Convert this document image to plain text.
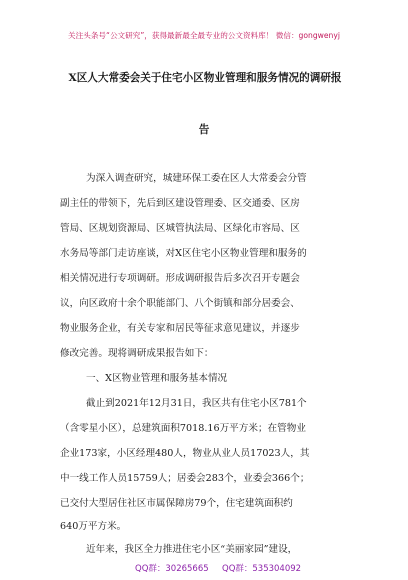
关注头条号“公文研究”，获得最新最全最专业的公文资料库！ 微信：gongwenyj
X区人大常委会关于住宅小区物业管理和服务情况的调研报
告
为深入调查研究，城建环保工委在区人大常委会分管
副主任的带领下，先后到区建设管理委、区交通委、区房
管局、区规划资源局、区城管执法局、区绿化市容局、区
水务局等部门走访座谈，对X区住宅小区物业管理和服务的
相关情况进行专项调研。形成调研报告后多次召开专题会
议，向区政府十余个职能部门、八个街镇和部分居委会、
物业服务企业，有关专家和居民等征求意见建议，并逐步
修改完善。现将调研成果报告如下：
一、X区物业管理和服务基本情况
截止到2021年12月31日，我区共有住宅小区781个
（含零星小区），总建筑面积7018.16万平方米；在管物业
企业173家，小区经理480人，物业从业人员17023人，其
中一线工作人员15759人；居委会283个，业委会366个；
已交付大型居住社区市属保障房79个，住宅建筑面积约
640万平方米。
近年来，我区全力推进住宅小区“美丽家园”建设，
QQ群：30265665 QQ群：535304092
